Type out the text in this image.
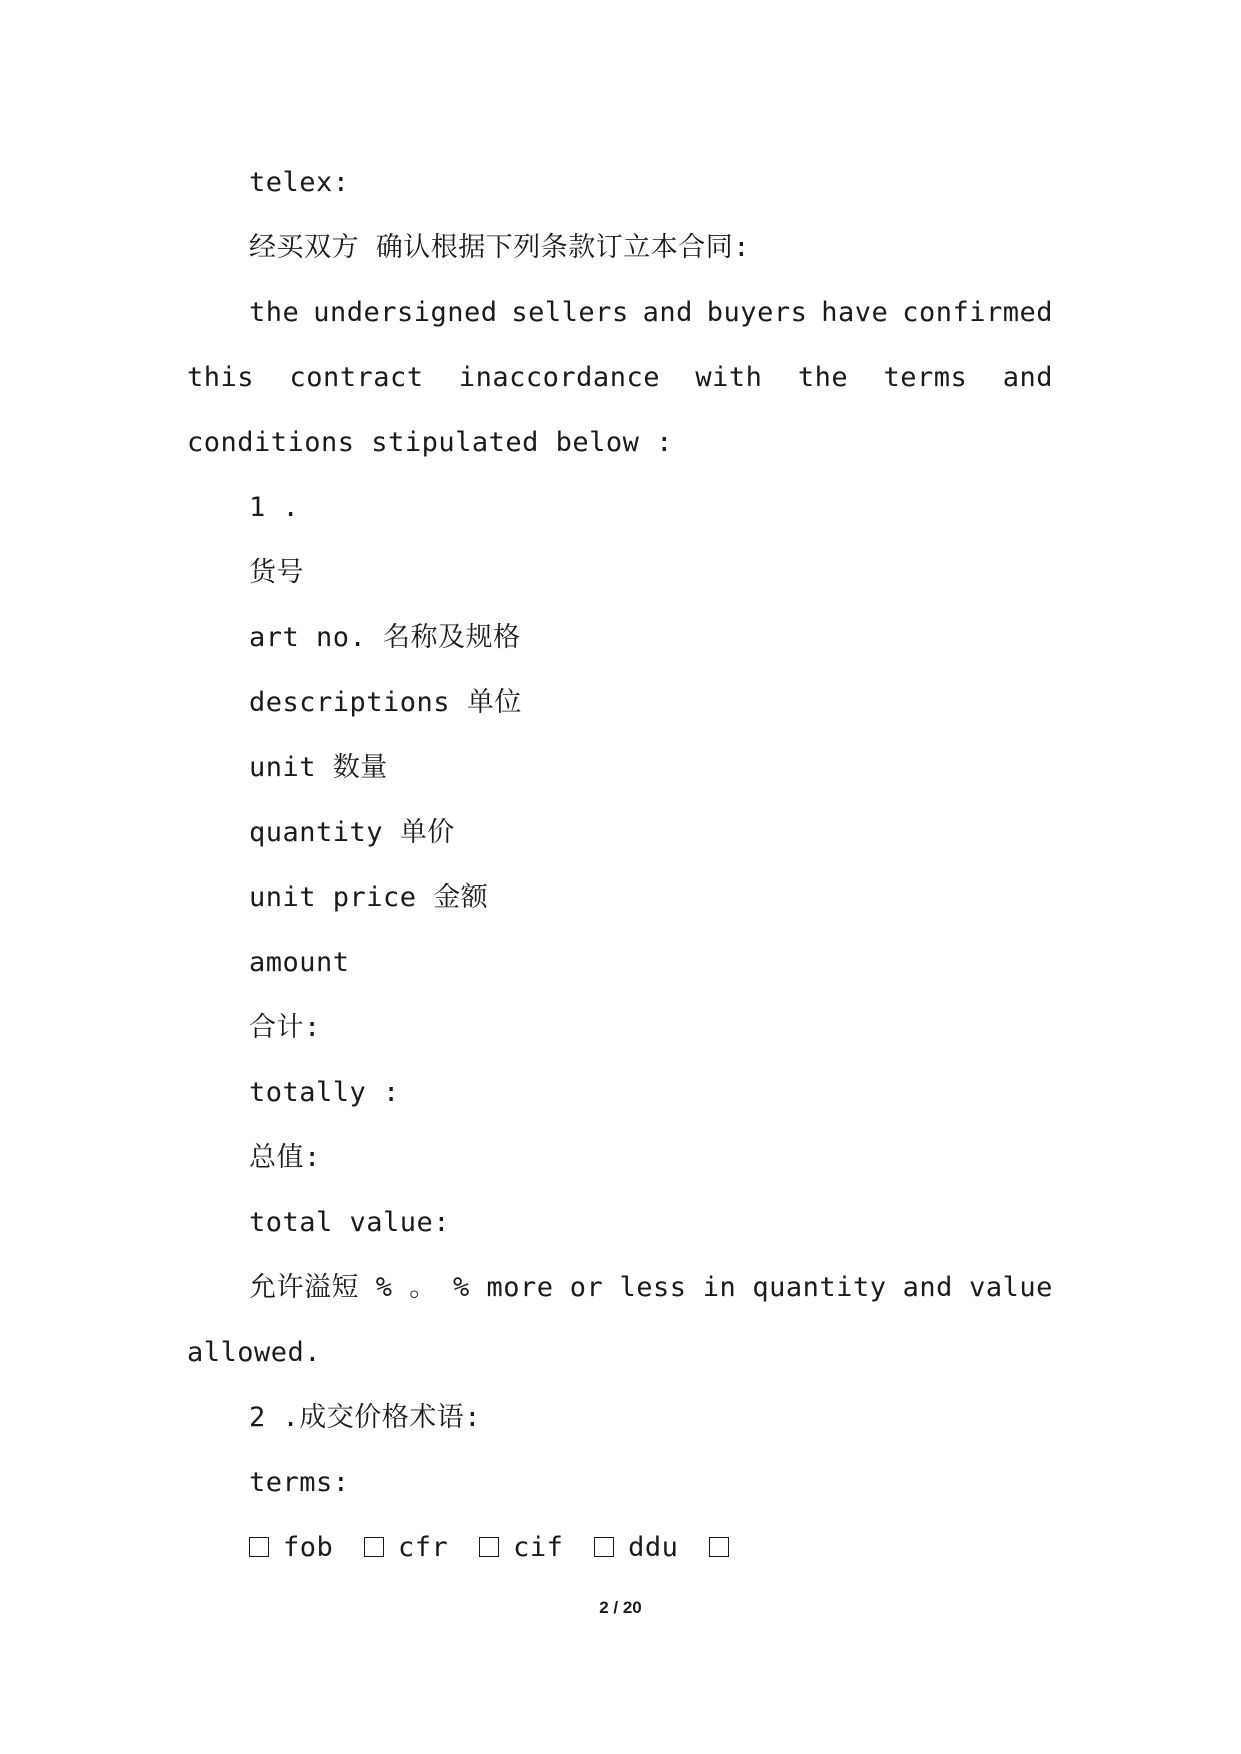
telex:
经买双方 确认根据下列条款订立本合同:
the undersigned sellers and buyers have confirmed
this contract inaccordance with the terms and
conditions stipulated below :
1 .
货号
art no. 名称及规格
descriptions 单位
unit 数量
quantity 单价
unit price 金额
amount
合计:
totally :
总值:
total value:
允许溢短 % 。 % more or less in quantity and value
allowed.
2 .成交价格术语:
terms:
fob cfr cif ddu
2 / 20
